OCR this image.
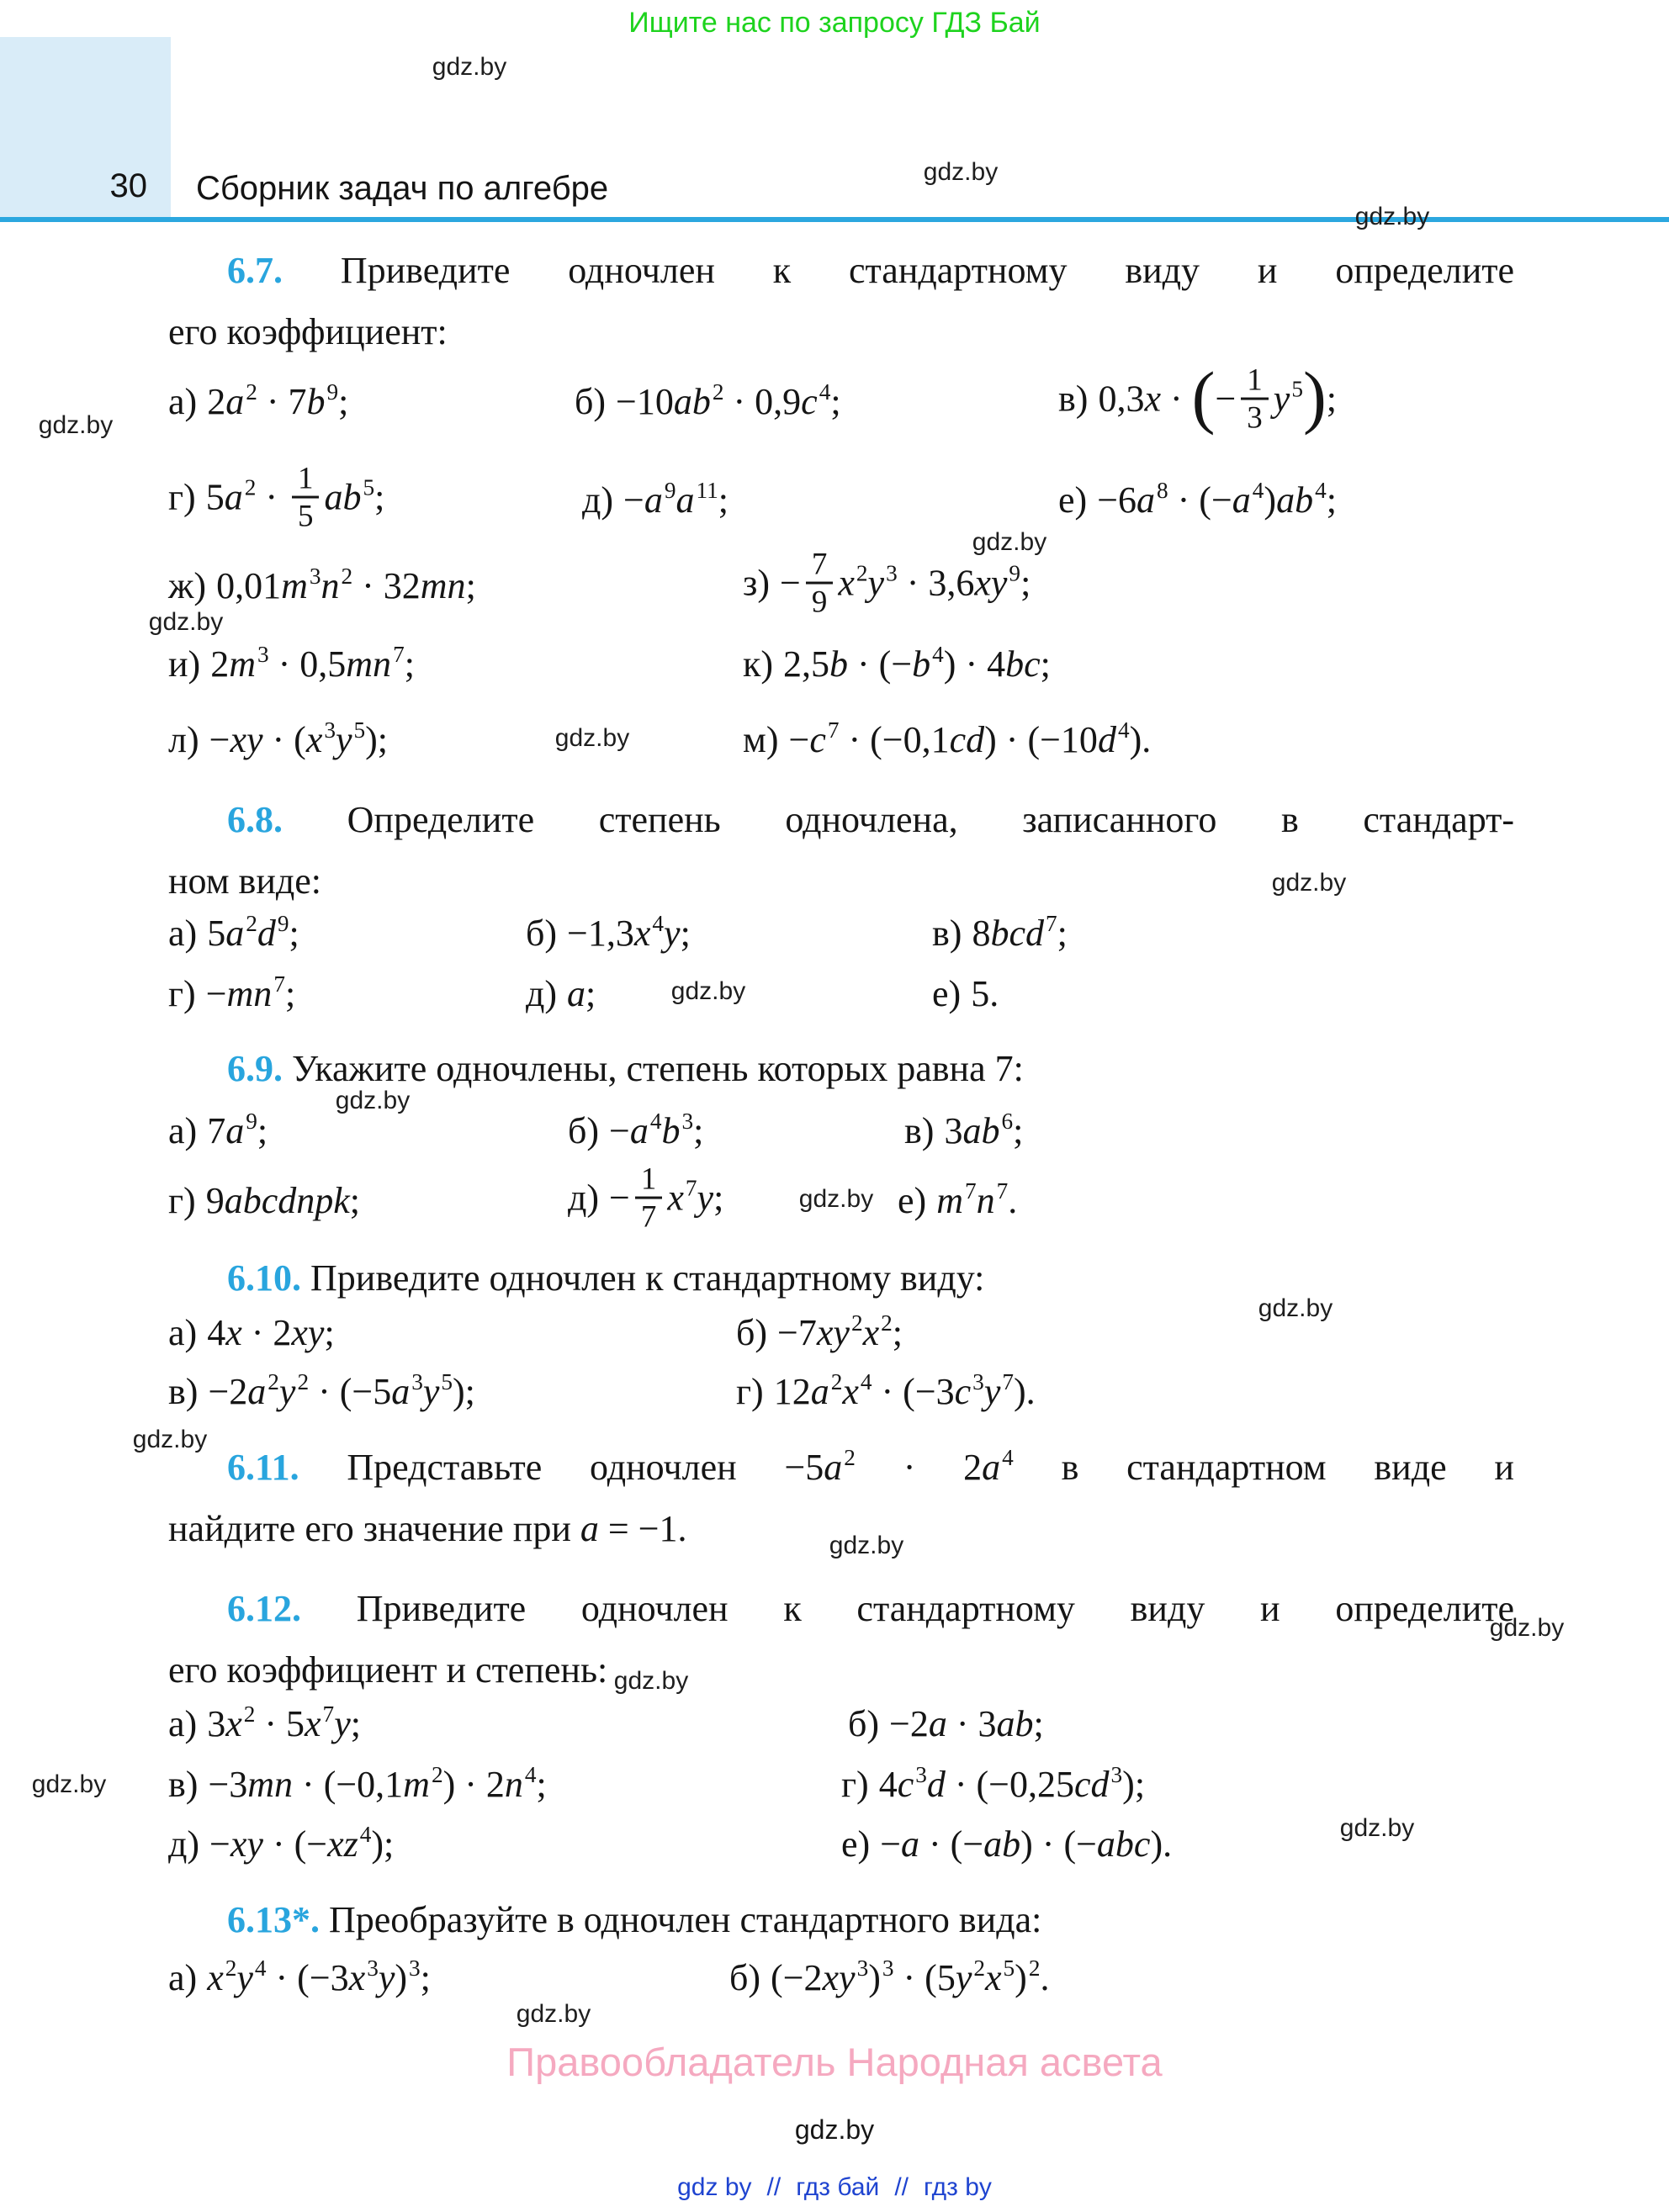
Ищите нас по запросу ГДЗ Бай
30 Сборник задач по алгебре
6.7. Приведите одночлен к стандартному виду и определите
его коэффициент:
а) $2a^2 \cdot 7b^9$;	$б) -10ab^2 \cdot 0,9c^4$;	в) 0,3x · (− $\frac{1}{3} y^5$);
г) $5a^2 \cdot \frac{1}{5} ab^5$;	$д) -a^9a^{11}$;	$е) -6a^8 \cdot (-a^4)ab^4$;
ж) $0,01m^3n^2 \cdot 32mn$;	$з) - \frac{7}{9} x^2y^3 \cdot 3,6xy^9$;
и) $2m^3 \cdot 0,5mn^7$;	к) $2,5b \cdot (-b^4) \cdot 4bc$;
$л) -xy \cdot (x^3y^5)$;	$м) -c^7 \cdot (-0,1cd) \cdot (-10d^4)$.
6.8. Определите степень одночлена, записанного в стандарт-
ном виде:
а) $5a^2d^9$;	$б) -1,3x^4y$;	в) 8bcd$^7$;
$г) -mn^7$;	д) a;	е) 5.
6.9. Укажите одночлены, степень которых равна 7:
а) $7a^9$;	$б) -a^4b^3$;	в) $3ab^6$;
г) 9abcdnpk;	$д) - \frac{1}{7} x^7y$;	е) $m^7n^7$.
6.10. Приведите одночлен к стандартному виду:
а) 4x · 2xy;	$б) -7xy^2x^2$;
$в) -2a^2y^2 \cdot (-5a^3y^5)$;	г) $12a^2x^4 \cdot (-3c^3y^7)$.
6.11. Представьте одночлен $-5a^2 \cdot 2a^4$ в стандартном виде и
найдите его значение при a = −1.
6.12. Приведите одночлен к стандартному виду и определите
его коэффициент и степень:
а) $3x^2 \cdot 5x^7y$;	б) −2a · 3ab;
$в) -3mn \cdot (-0,1m^2) \cdot 2n^4$;	г) $4c^3d \cdot (-0,25cd^3)$;
$д) -xy \cdot (-xz^4)$;	е) −a · (−ab) · (−abc).
6.13*. Преобразуйте в одночлен стандартного вида:
а) $x^2y^4 \cdot (-3x^3y)^3$;	б) $(-2xy^3)^3 \cdot (5y^2x^5)^2$.
gdz.by
gdz.by
gdz.by
gdz.by
gdz.by
gdz.by
gdz.by
gdz.by
gdz.by
gdz.by
gdz.by
gdz.by
gdz.by
gdz.by
gdz.by
gdz.by
gdz.by
gdz.by
gdz.by
Правообладатель Народная асвета
gdz.by
gdz by // гдз бай // гдз by
